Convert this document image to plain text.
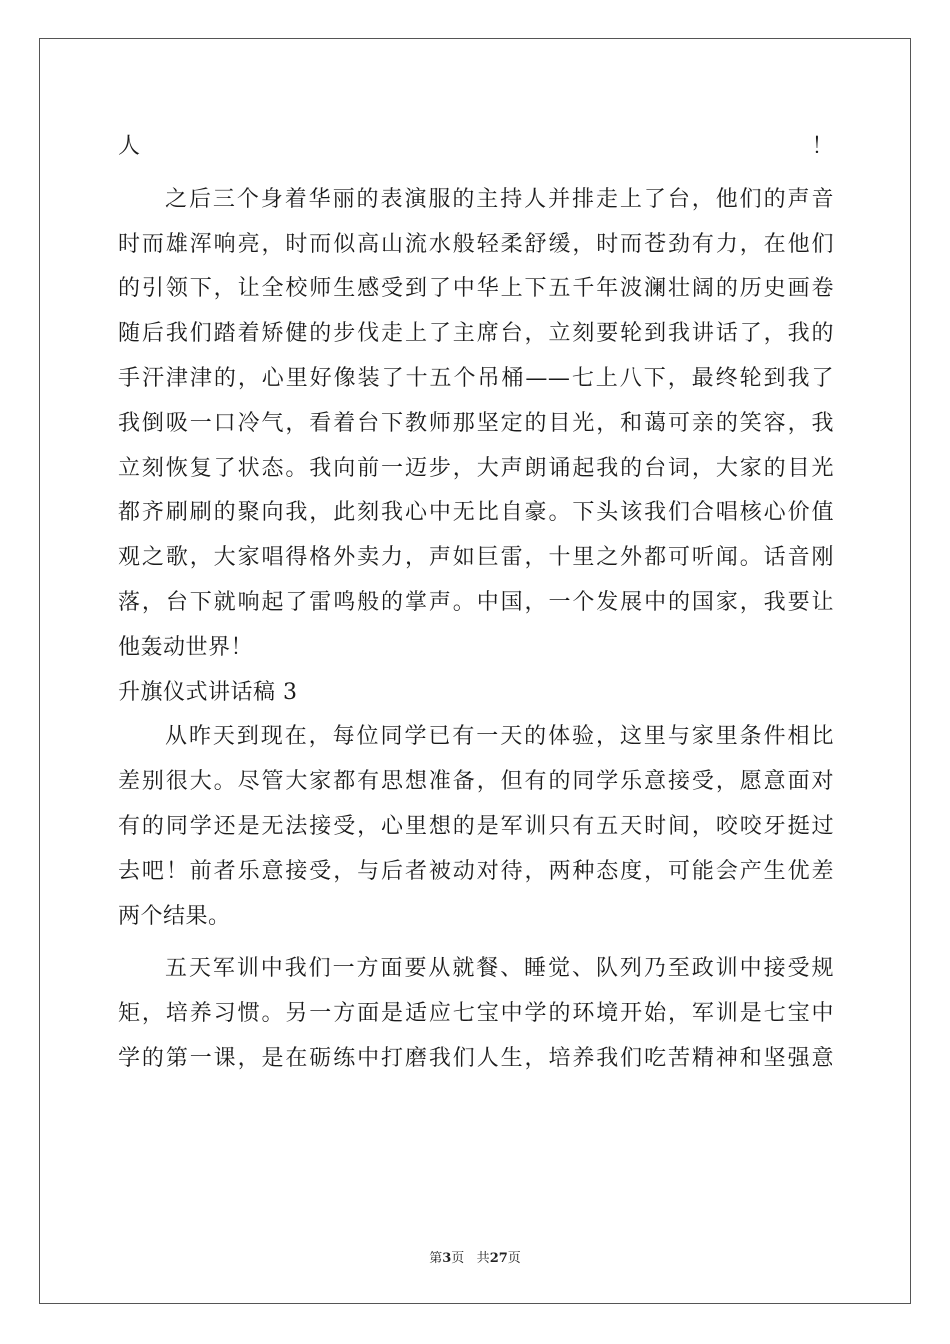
人！
之后三个身着华丽的表演服的主持人并排走上了台，他们的声音
时而雄浑响亮，时而似高山流水般轻柔舒缓，时而苍劲有力，在他们
的引领下，让全校师生感受到了中华上下五千年波澜壮阔的历史画卷
随后我们踏着矫健的步伐走上了主席台，立刻要轮到我讲话了，我的
手汗津津的，心里好像装了十五个吊桶——七上八下，最终轮到我了
我倒吸一口冷气，看着台下教师那坚定的目光，和蔼可亲的笑容，我
立刻恢复了状态。我向前一迈步，大声朗诵起我的台词，大家的目光
都齐刷刷的聚向我，此刻我心中无比自豪。下头该我们合唱核心价值
观之歌，大家唱得格外卖力，声如巨雷，十里之外都可听闻。话音刚
落，台下就响起了雷鸣般的掌声。中国，一个发展中的国家，我要让
他轰动世界！
升旗仪式讲话稿 3
从昨天到现在，每位同学已有一天的体验，这里与家里条件相比
差别很大。尽管大家都有思想准备，但有的同学乐意接受，愿意面对
有的同学还是无法接受，心里想的是军训只有五天时间，咬咬牙挺过
去吧！前者乐意接受，与后者被动对待，两种态度，可能会产生优差
两个结果。
五天军训中我们一方面要从就餐、睡觉、队列乃至政训中接受规
矩，培养习惯。另一方面是适应七宝中学的环境开始，军训是七宝中
学的第一课，是在砺练中打磨我们人生，培养我们吃苦精神和坚强意
第3页 共27页
